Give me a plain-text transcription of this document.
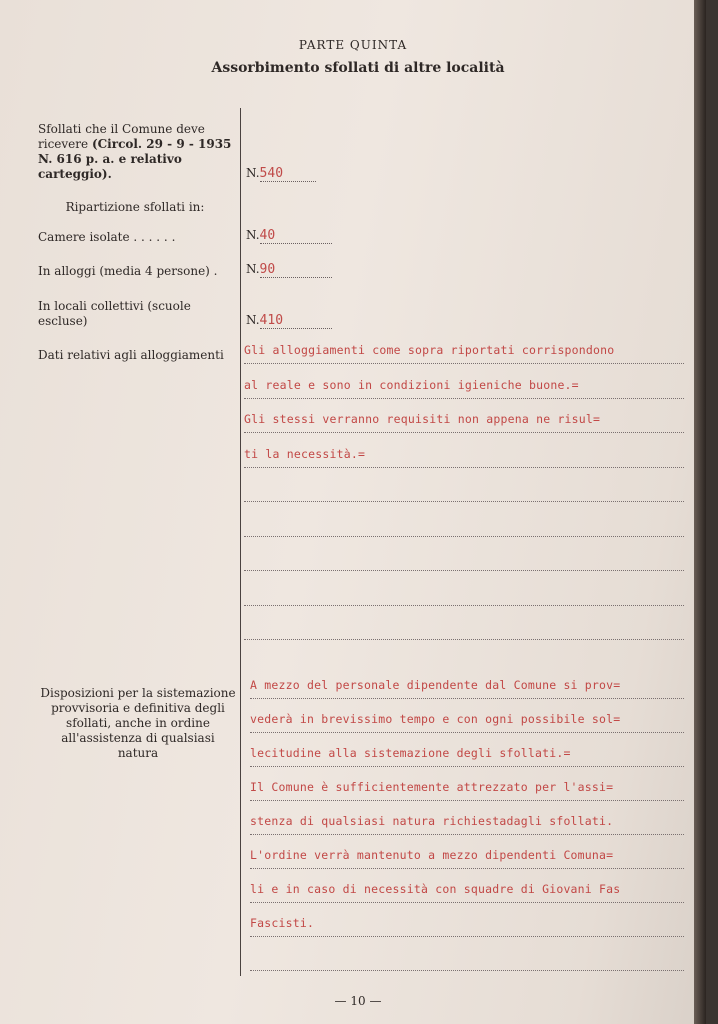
PARTE QUINTA
Assorbimento sfollati di altre località
Sfollati che il Comune deve ricevere (Circol. 29 - 9 - 1935 N. 616 p. a. e relativo carteggio).	N.540
Ripartizione sfollati in:
Camere isolate . . . . . .	N.40
In alloggi (media 4 persone) .	N.90
In locali collettivi (scuole escluse)	N.410
Dati relativi agli alloggiamenti	Gli alloggiamenti come sopra riportati corrispondono
al reale e sono in condizioni igieniche buone.=
Gli stessi verranno requisiti non appena ne risul=
ti la necessità.=
Disposizioni per la sistemazione provvisoria e definitiva degli sfollati, anche in ordine all'assistenza di qualsiasi natura
A mezzo del personale dipendente dal Comune si prov=
vederà in brevissimo tempo e con ogni possibile sol=
lecitudine alla sistemazione degli sfollati.=
Il Comune è sufficientemente attrezzato per l'assi=
stenza di qualsiasi natura richiestadagli sfollati.
L'ordine verrà mantenuto a mezzo dipendenti Comuna=
li e in caso di necessità con squadre di Giovani Fas
Fascisti.
— 10 —
